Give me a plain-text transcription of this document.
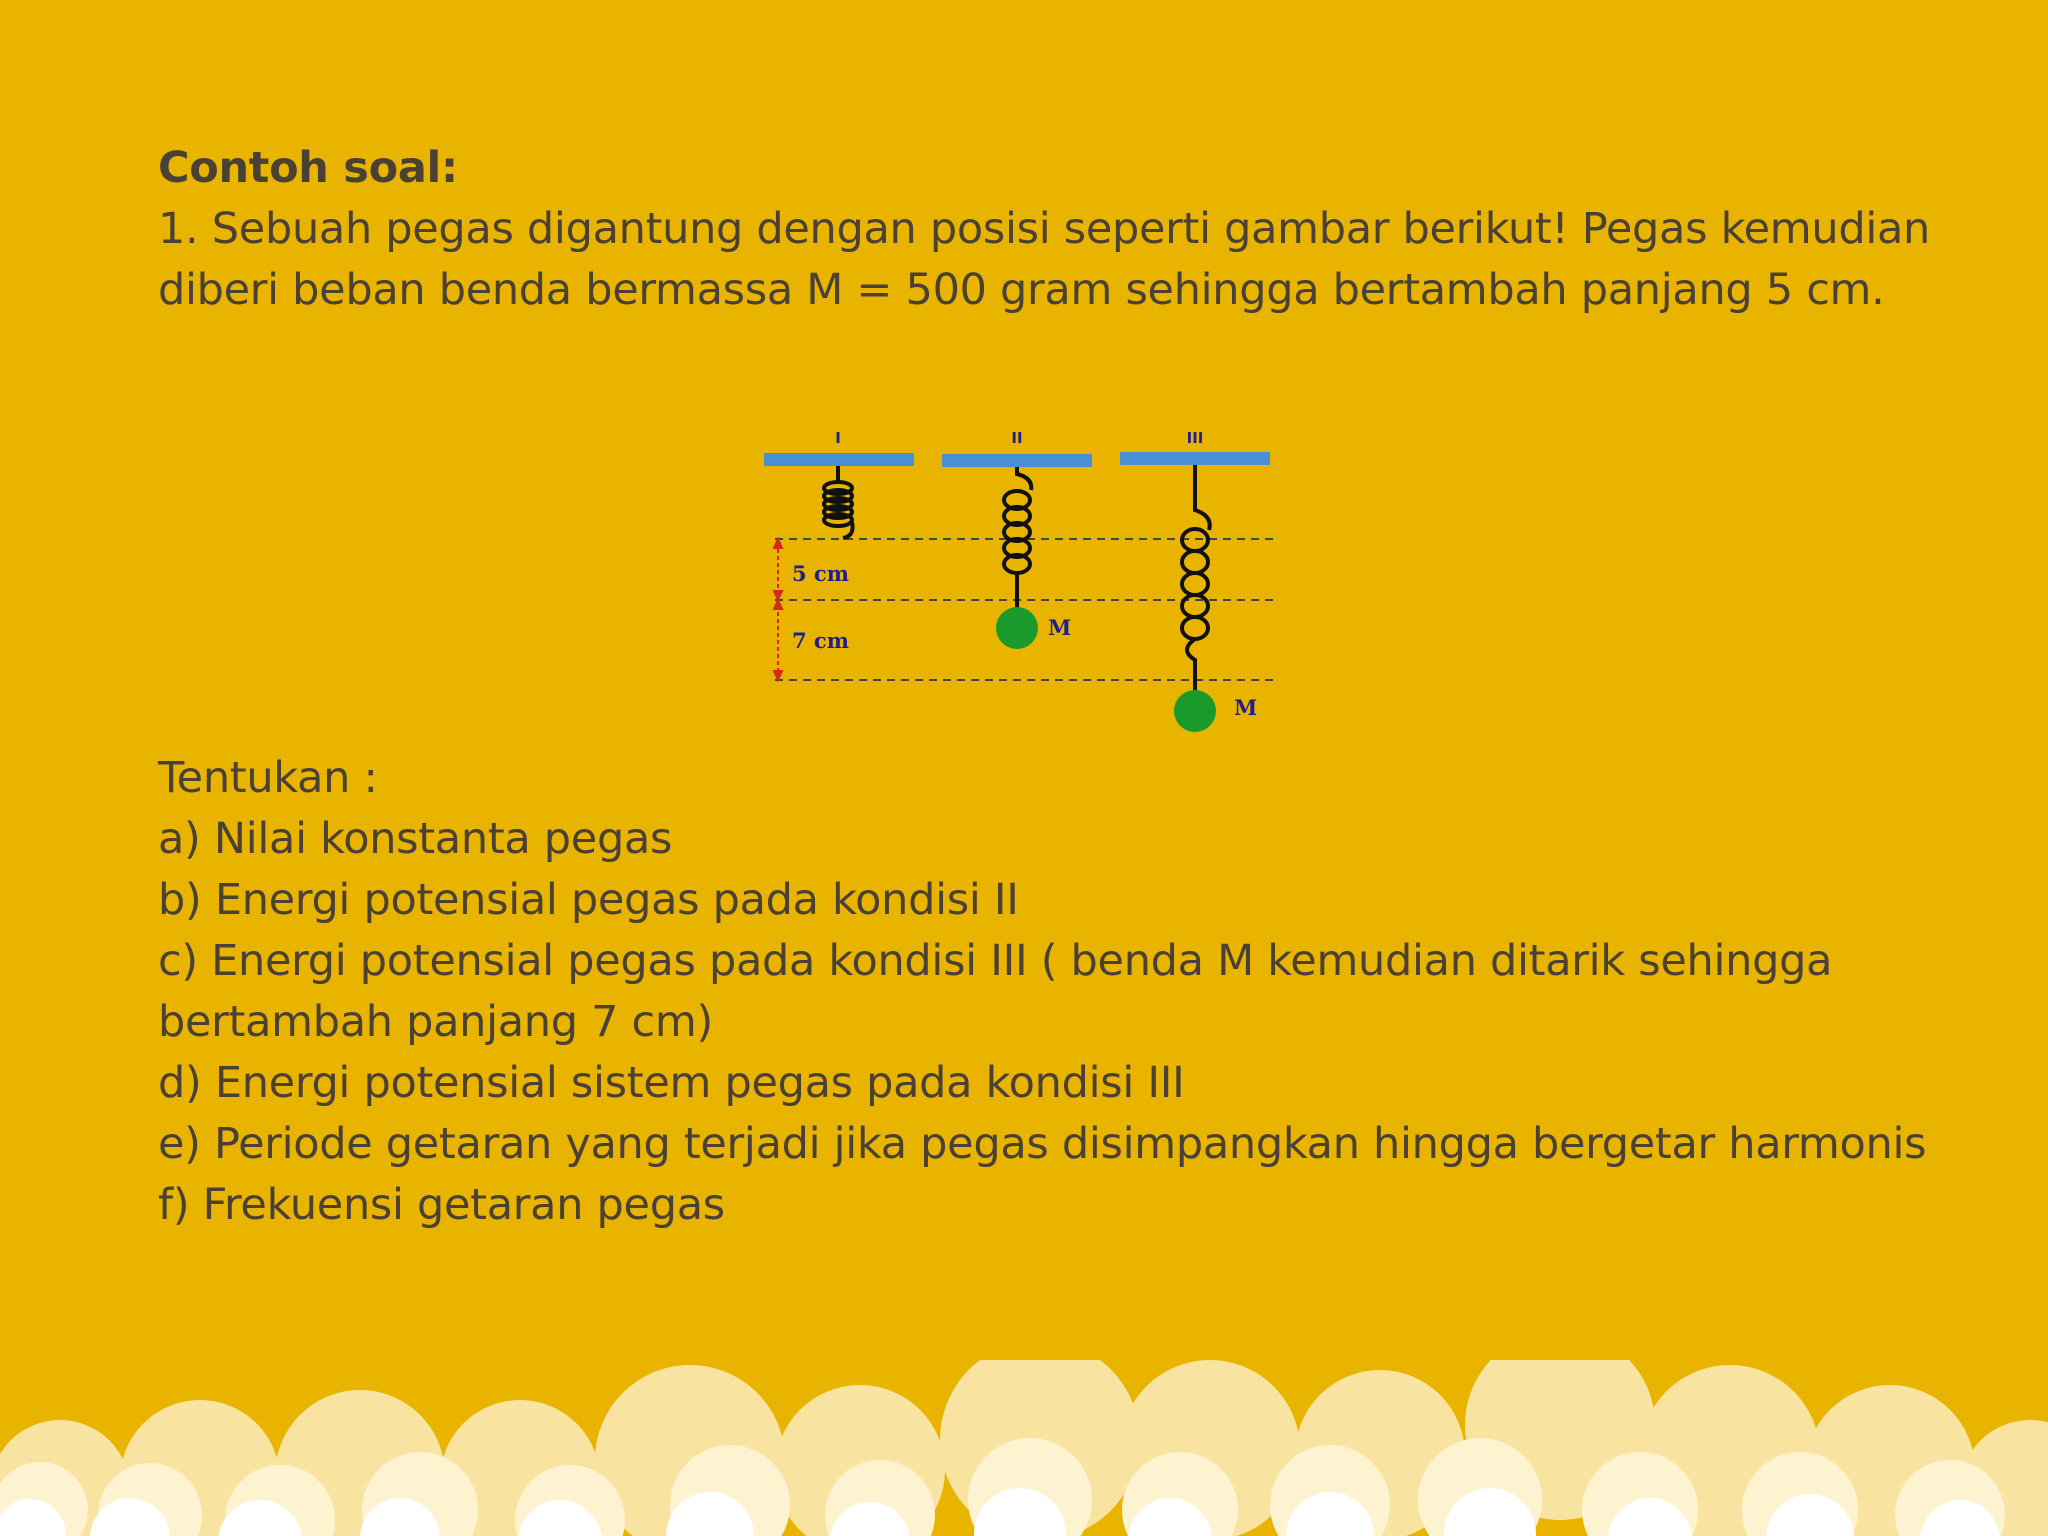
Contoh soal:
1. Sebuah pegas digantung dengan posisi seperti gambar berikut! Pegas kemudian
diberi beban benda bermassa M = 500 gram sehingga bertambah panjang 5 cm.
5 cm
7 cm
I	II	III
M
M
Tentukan :
a) Nilai konstanta pegas
b) Energi potensial pegas pada kondisi II
c) Energi potensial pegas pada kondisi III ( benda M kemudian ditarik sehingga
bertambah panjang 7 cm)
d) Energi potensial sistem pegas pada kondisi III
e) Periode getaran yang terjadi jika pegas disimpangkan hingga bergetar harmonis
f) Frekuensi getaran pegas
